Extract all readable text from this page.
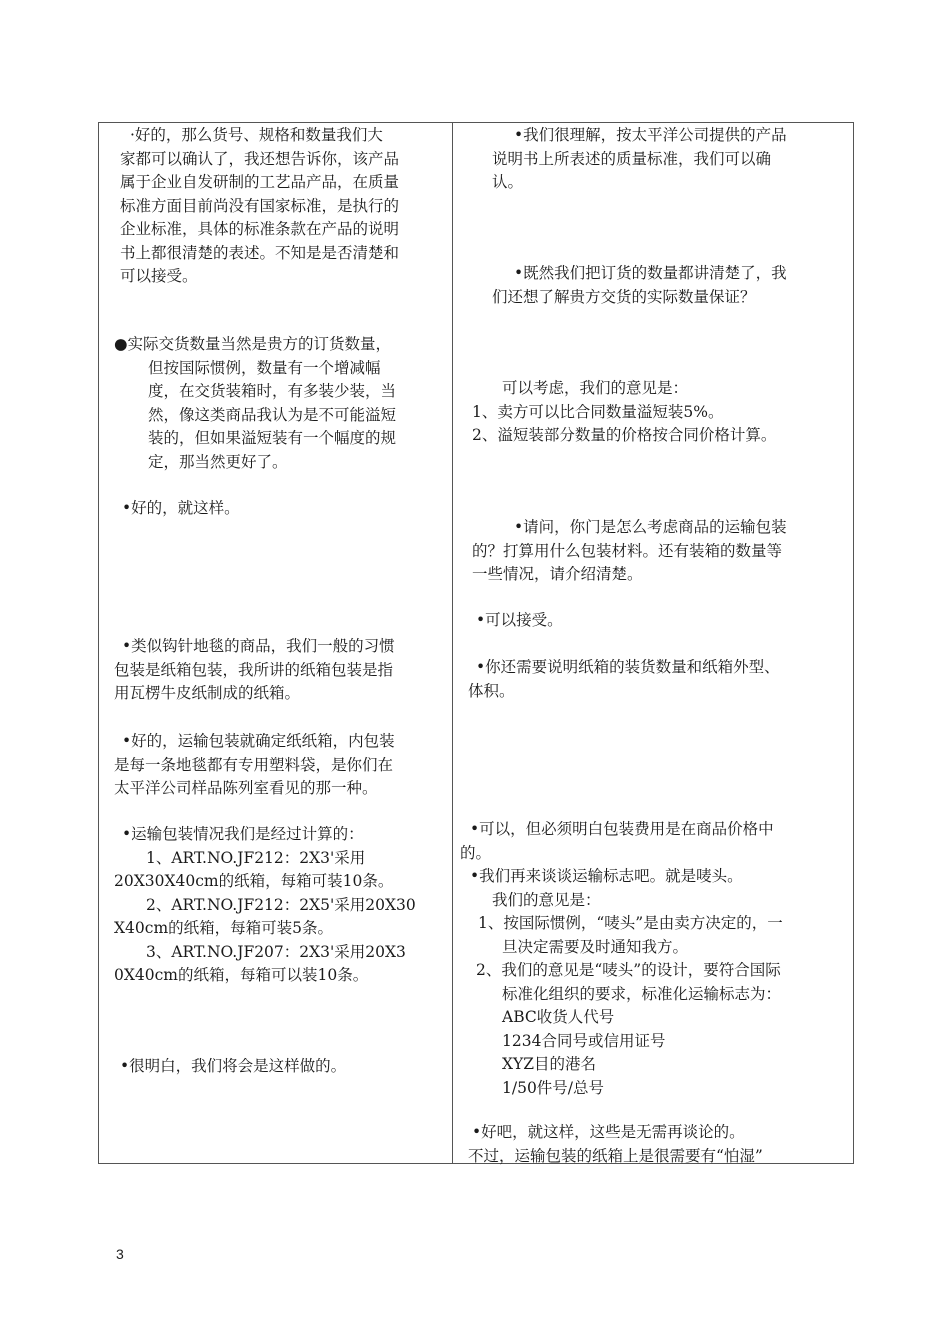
·好的，那么货号、规格和数量我们大
家都可以确认了，我还想告诉你，该产品
属于企业自发研制的工艺品产品，在质量
标准方面目前尚没有国家标准，是执行的
企业标准，具体的标准条款在产品的说明
书上都很清楚的表述。不知是是否清楚和
可以接受。
●实际交货数量当然是贵方的订货数量，
但按国际惯例，数量有一个增减幅
度，在交货装箱时，有多装少装，当
然，像这类商品我认为是不可能溢短
装的，但如果溢短装有一个幅度的规
定，那当然更好了。
•好的，就这样。
•类似钩针地毯的商品，我们一般的习惯
包装是纸箱包装，我所讲的纸箱包装是指
用瓦楞牛皮纸制成的纸箱。
•好的，运输包装就确定纸纸箱，内包装
是每一条地毯都有专用塑料袋，是你们在
太平洋公司样品陈列室看见的那一种。
•运输包装情况我们是经过计算的：
1、ART.NO.JF212：2X3'采用
20X30X40cm的纸箱，每箱可装10条。
2、ART.NO.JF212：2X5'采用20X30
X40cm的纸箱，每箱可装5条。
3、ART.NO.JF207：2X3'采用20X3
0X40cm的纸箱，每箱可以装10条。
•很明白，我们将会是这样做的。
•我们很理解，按太平洋公司提供的产品
说明书上所表述的质量标准，我们可以确
认。
•既然我们把订货的数量都讲清楚了，我
们还想了解贵方交货的实际数量保证？
可以考虑，我们的意见是：
1、卖方可以比合同数量溢短装5%。
2、溢短装部分数量的价格按合同价格计算。
•请问，你门是怎么考虑商品的运输包装
的？打算用什么包装材料。还有装箱的数量等
一些情况，请介绍清楚。
•可以接受。
•你还需要说明纸箱的装货数量和纸箱外型、
体积。
•可以，但必须明白包装费用是在商品价格中
的。
•我们再来谈谈运输标志吧。就是唛头。
我们的意见是：
1、按国际惯例，“唛头”是由卖方决定的，一
旦决定需要及时通知我方。
2、我们的意见是“唛头”的设计，要符合国际
标准化组织的要求，标准化运输标志为：
ABC收货人代号
1234合同号或信用证号
XYZ目的港名
1/50件号/总号
•好吧，就这样，这些是无需再谈论的。
不过，运输包装的纸箱上是很需要有“怕湿”
3
